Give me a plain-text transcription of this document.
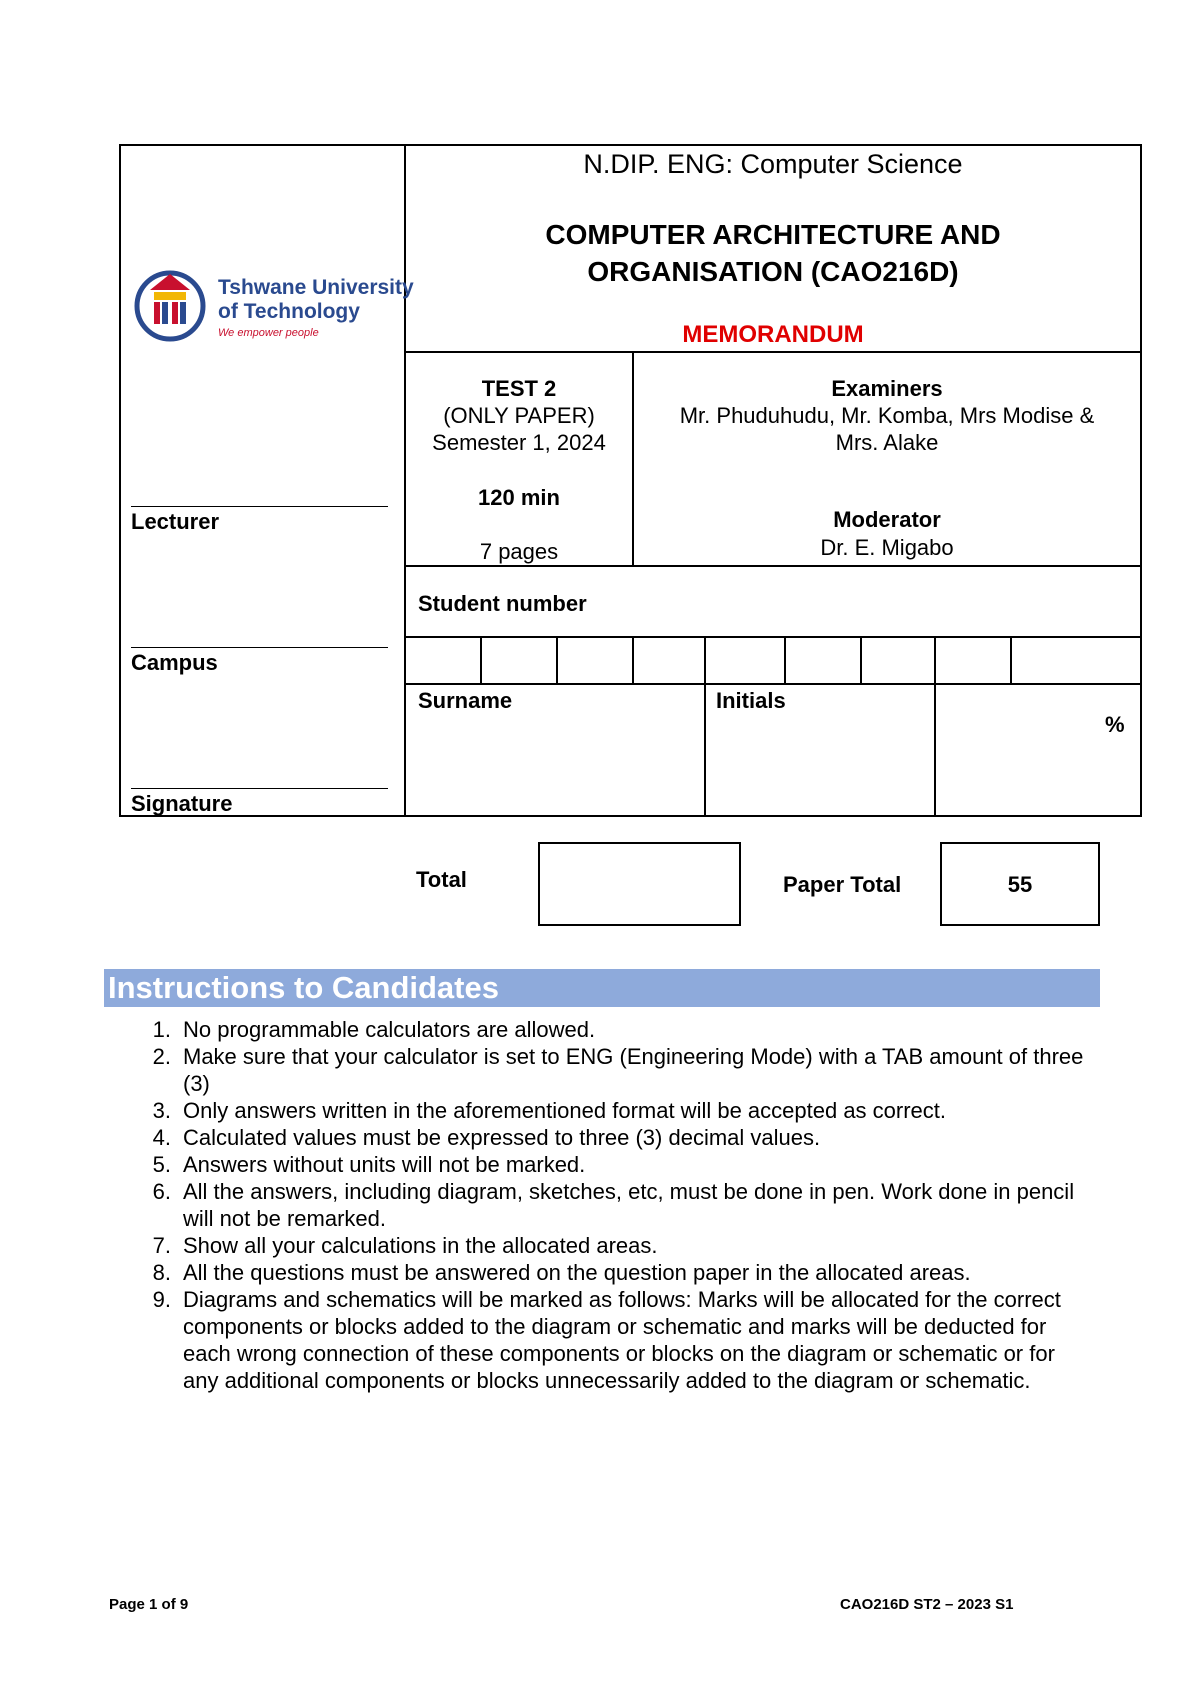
Tshwane University
of Technology
We empower people
Lecturer
Campus
Signature
N.DIP. ENG: Computer Science
COMPUTER ARCHITECTURE AND
ORGANISATION (CAO216D)
MEMORANDUM
TEST 2
(ONLY PAPER)
Semester 1, 2024
120 min
7 pages
Examiners
Mr. Phuduhudu, Mr. Komba, Mrs Modise &
Mrs. Alake
Moderator
Dr. E. Migabo
Student number
Surname	Initials
%
Total	Paper Total	55
Instructions to Candidates
1. No programmable calculators are allowed.
2. Make sure that your calculator is set to ENG (Engineering Mode) with a TAB amount of three (3)
3. Only answers written in the aforementioned format will be accepted as correct.
4. Calculated values must be expressed to three (3) decimal values.
5. Answers without units will not be marked.
6. All the answers, including diagram, sketches, etc, must be done in pen. Work done in pencil will not be remarked.
7. Show all your calculations in the allocated areas.
8. All the questions must be answered on the question paper in the allocated areas.
9. Diagrams and schematics will be marked as follows: Marks will be allocated for the correct components or blocks added to the diagram or schematic and marks will be deducted for each wrong connection of these components or blocks on the diagram or schematic or for any additional components or blocks unnecessarily added to the diagram or schematic.
Page 1 of 9	CAO216D ST2 – 2023 S1
